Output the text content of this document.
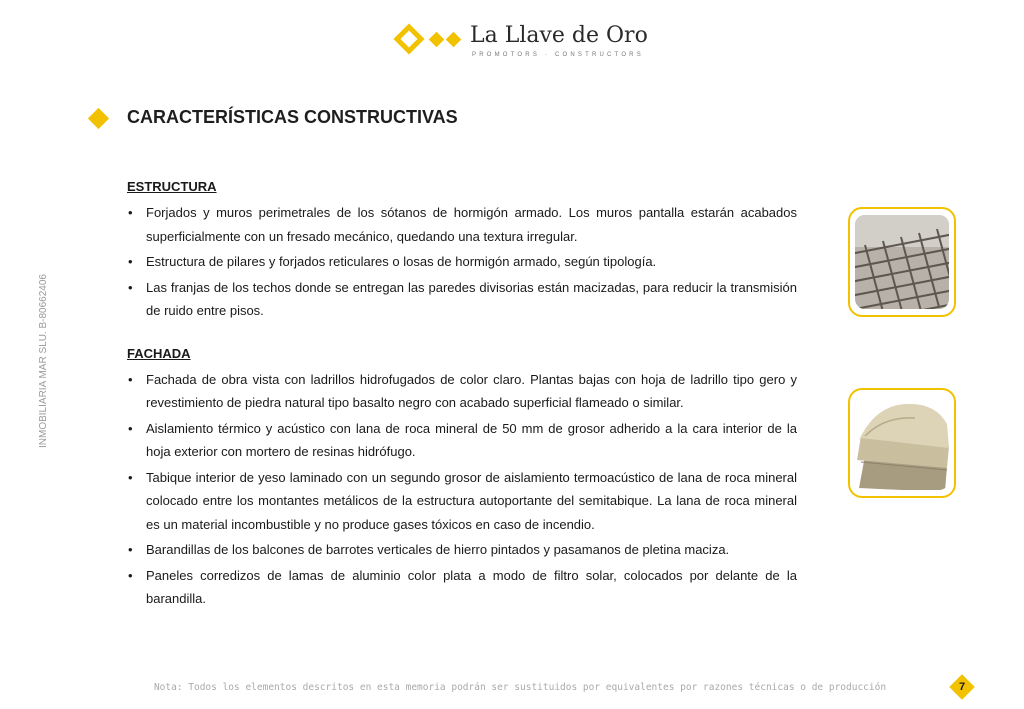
La Llave de Oro
PROMOTORS · CONSTRUCTORS
CARACTERÍSTICAS CONSTRUCTIVAS
INMOBILIARIA MAR SLU. B-80662406
ESTRUCTURA
• Forjados y muros perimetrales de los sótanos de hormigón armado. Los muros pantalla estarán acabados superficialmente con un fresado mecánico, quedando una textura irregular.
• Estructura de pilares y forjados reticulares o losas de hormigón armado, según tipología.
• Las franjas de los techos donde se entregan las paredes divisorias están macizadas, para reducir la transmisión de ruido entre pisos.
FACHADA
• Fachada de obra vista con ladrillos hidrofugados de color claro. Plantas bajas con hoja de ladrillo tipo gero y revestimiento de piedra natural tipo basalto negro con acabado superficial flameado o similar.
• Aislamiento térmico y acústico con lana de roca mineral de 50 mm de grosor adherido a la cara interior de la hoja exterior con mortero de resinas hidrófugo.
• Tabique interior de yeso laminado con un segundo grosor de aislamiento termoacústico de lana de roca mineral colocado entre los montantes metálicos de la estructura autoportante del semitabique. La lana de roca mineral es un material incombustible y no produce gases tóxicos en caso de incendio.
• Barandillas de los balcones de barrotes verticales de hierro pintados y pasamanos de pletina maciza.
• Paneles corredizos de lamas de aluminio color plata a modo de filtro solar, colocados por delante de la barandilla.
Nota: Todos los elementos descritos en esta memoria podrán ser sustituidos por equivalentes por razones técnicas o de producción	7
